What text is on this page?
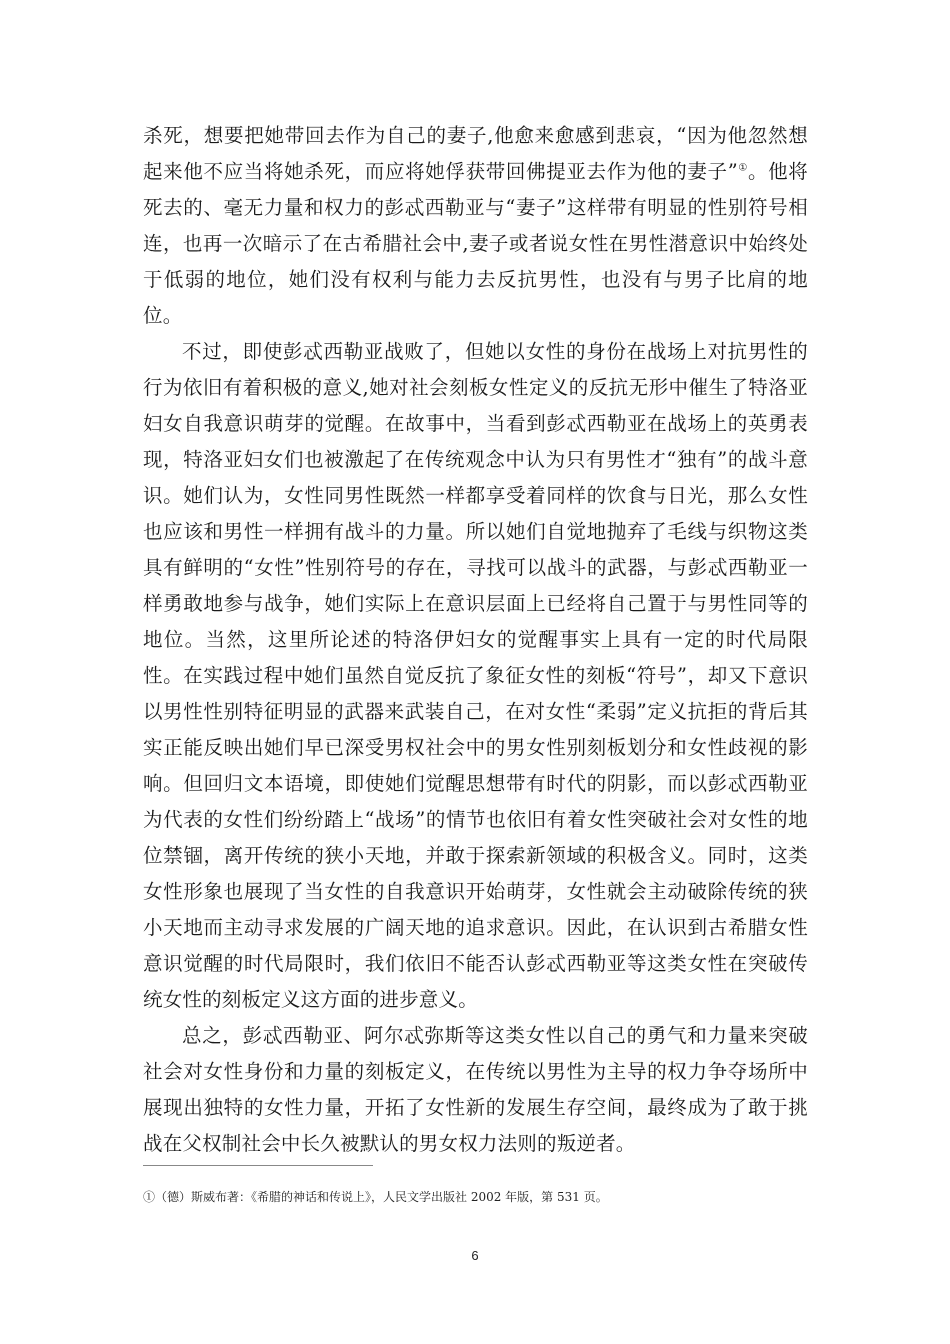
杀死，想要把她带回去作为自己的妻子,他愈来愈感到悲哀，“因为他忽然想起来他不应当将她杀死，而应将她俘获带回佛提亚去作为他的妻子”①。他将死去的、毫无力量和权力的彭忒西勒亚与“妻子”这样带有明显的性别符号相连，也再一次暗示了在古希腊社会中,妻子或者说女性在男性潜意识中始终处于低弱的地位，她们没有权利与能力去反抗男性，也没有与男子比肩的地位。

不过，即使彭忒西勒亚战败了，但她以女性的身份在战场上对抗男性的行为依旧有着积极的意义,她对社会刻板女性定义的反抗无形中催生了特洛亚妇女自我意识萌芽的觉醒。在故事中，当看到彭忒西勒亚在战场上的英勇表现，特洛亚妇女们也被激起了在传统观念中认为只有男性才“独有”的战斗意识。她们认为，女性同男性既然一样都享受着同样的饮食与日光，那么女性也应该和男性一样拥有战斗的力量。所以她们自觉地抛弃了毛线与织物这类具有鲜明的“女性”性别符号的存在，寻找可以战斗的武器，与彭忒西勒亚一样勇敢地参与战争，她们实际上在意识层面上已经将自己置于与男性同等的地位。当然，这里所论述的特洛伊妇女的觉醒事实上具有一定的时代局限性。在实践过程中她们虽然自觉反抗了象征女性的刻板“符号”，却又下意识以男性性别特征明显的武器来武装自己，在对女性“柔弱”定义抗拒的背后其实正能反映出她们早已深受男权社会中的男女性别刻板划分和女性歧视的影响。但回归文本语境，即使她们觉醒思想带有时代的阴影，而以彭忒西勒亚为代表的女性们纷纷踏上“战场”的情节也依旧有着女性突破社会对女性的地位禁锢，离开传统的狭小天地，并敢于探索新领域的积极含义。同时，这类女性形象也展现了当女性的自我意识开始萌芽，女性就会主动破除传统的狭小天地而主动寻求发展的广阔天地的追求意识。因此，在认识到古希腊女性意识觉醒的时代局限时，我们依旧不能否认彭忒西勒亚等这类女性在突破传统女性的刻板定义这方面的进步意义。

总之，彭忒西勒亚、阿尔忒弥斯等这类女性以自己的勇气和力量来突破社会对女性身份和力量的刻板定义，在传统以男性为主导的权力争夺场所中展现出独特的女性力量，开拓了女性新的发展生存空间，最终成为了敢于挑战在父权制社会中长久被默认的男女权力法则的叛逆者。

①（德）斯威布著：《希腊的神话和传说上》，人民文学出版社 2002 年版，第 531 页。
6
